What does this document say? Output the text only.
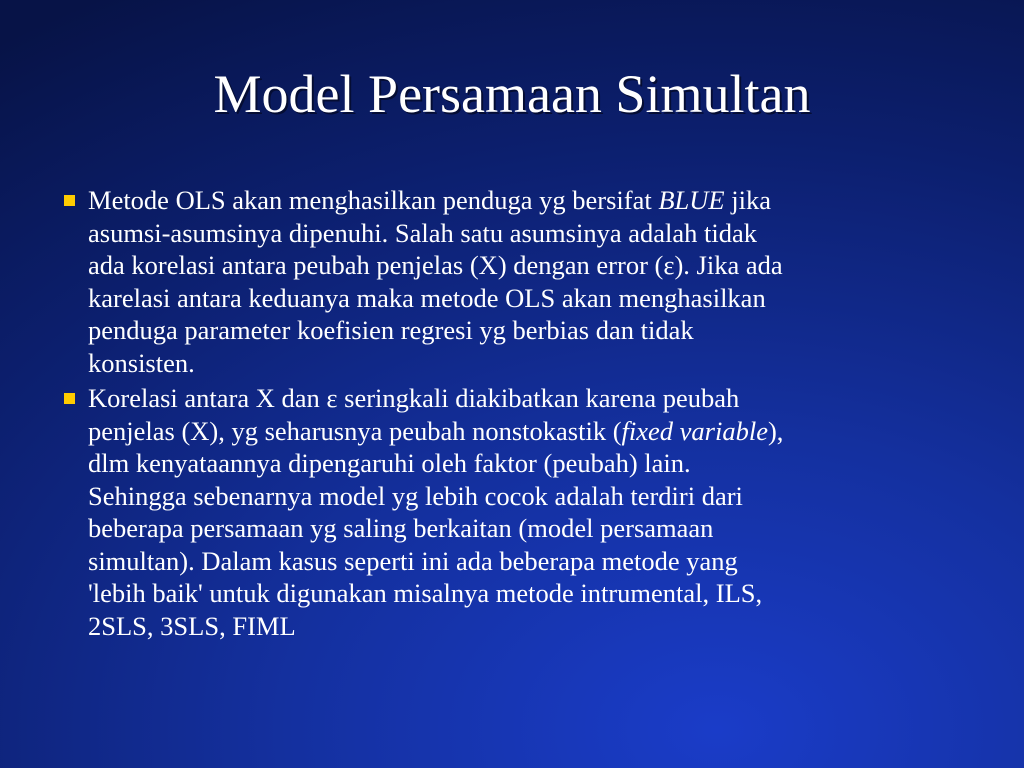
Model Persamaan Simultan
Metode OLS akan menghasilkan penduga yg bersifat BLUE jika
asumsi-asumsinya dipenuhi. Salah satu asumsinya adalah tidak
ada korelasi antara peubah penjelas (X) dengan error (ε). Jika ada
karelasi antara keduanya maka metode OLS akan menghasilkan
penduga parameter koefisien regresi yg berbias dan tidak
konsisten.
Korelasi antara X dan ε seringkali diakibatkan karena peubah
penjelas (X), yg seharusnya peubah nonstokastik (fixed variable),
dlm kenyataannya dipengaruhi oleh faktor (peubah) lain.
Sehingga sebenarnya model yg lebih cocok adalah terdiri dari
beberapa persamaan yg saling berkaitan (model persamaan
simultan). Dalam kasus seperti ini ada beberapa metode yang
'lebih baik' untuk digunakan misalnya metode intrumental, ILS,
2SLS, 3SLS, FIML
